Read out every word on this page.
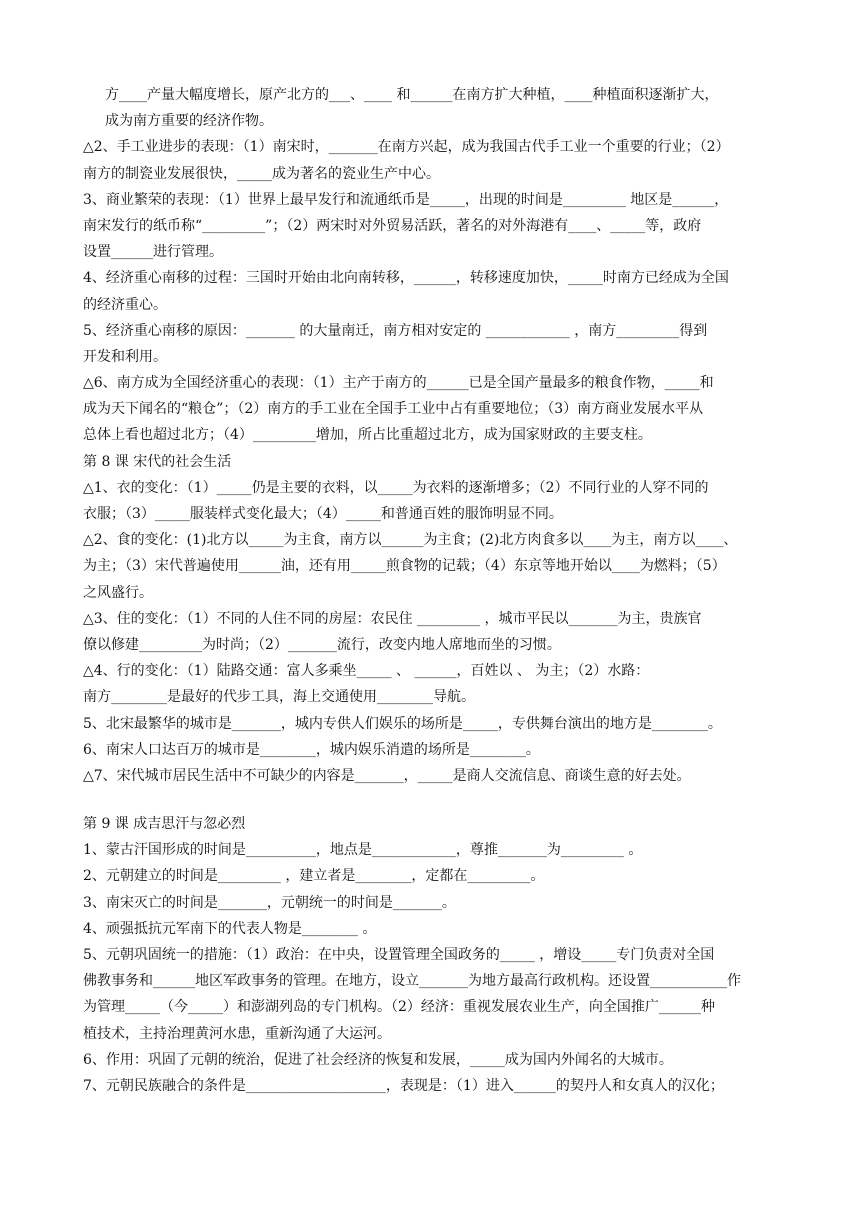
方____产量大幅度增长，原产北方的___、____ 和______在南方扩大种植，____种植面积逐渐扩大，
成为南方重要的经济作物。
△2、手工业进步的表现：（1）南宋时，_______在南方兴起，成为我国古代手工业一个重要的行业；（2）
南方的制瓷业发展很快，_____成为著名的瓷业生产中心。
3、商业繁荣的表现：（1）世界上最早发行和流通纸币是_____，出现的时间是_________ 地区是______，
南宋发行的纸币称“_________”；（2）两宋时对外贸易活跃，著名的对外海港有____、_____等，政府
设置______进行管理。
4、经济重心南移的过程：三国时开始由北向南转移，______，转移速度加快，_____时南方已经成为全国
的经济重心。
5、经济重心南移的原因：_______ 的大量南迁，南方相对安定的 ____________ ，南方_________得到
开发和利用。
△6、南方成为全国经济重心的表现：（1）主产于南方的______已是全国产量最多的粮食作物，_____和
成为天下闻名的“粮仓”；（2）南方的手工业在全国手工业中占有重要地位；（3）南方商业发展水平从
总体上看也超过北方；（4）_________增加，所占比重超过北方，成为国家财政的主要支柱。
第 8 课 宋代的社会生活
△1、衣的变化：（1）_____仍是主要的衣料，以_____为衣料的逐渐增多；（2）不同行业的人穿不同的
衣服；（3）_____服装样式变化最大；（4）_____和普通百姓的服饰明显不同。
△2、食的变化：(1)北方以_____为主食，南方以______为主食；(2)北方肉食多以____为主，南方以____、
为主；（3）宋代普遍使用______油，还有用_____煎食物的记载；（4）东京等地开始以____为燃料；（5）
之风盛行。
△3、住的变化：（1）不同的人住不同的房屋：农民住 _________ ，城市平民以_______为主，贵族官
僚以修建_________为时尚；（2）_______流行，改变内地人席地而坐的习惯。
△4、行的变化：（1）陆路交通：富人多乘坐_____ 、 ______，百姓以 、 为主；（2）水路：
南方________是最好的代步工具，海上交通使用________导航。
5、北宋最繁华的城市是_______，城内专供人们娱乐的场所是_____，专供舞台演出的地方是________。
6、南宋人口达百万的城市是________，城内娱乐消遣的场所是________。
△7、宋代城市居民生活中不可缺少的内容是_______，_____是商人交流信息、商谈生意的好去处。
第 9 课 成吉思汗与忽必烈
1、蒙古汗国形成的时间是__________，地点是____________，尊推_______为_________ 。
2、元朝建立的时间是_________ ，建立者是________，定都在_________。
3、南宋灭亡的时间是_______，元朝统一的时间是_______。
4、顽强抵抗元军南下的代表人物是________ 。
5、元朝巩固统一的措施：（1）政治：在中央，设置管理全国政务的_____ ，增设_____专门负责对全国
佛教事务和______地区军政事务的管理。在地方，设立_______为地方最高行政机构。还设置___________作
为管理_____（今_____）和澎湖列岛的专门机构。（2）经济：重视发展农业生产，向全国推广______种
植技术，主持治理黄河水患，重新沟通了大运河。
6、作用：巩固了元朝的统治，促进了社会经济的恢复和发展，_____成为国内外闻名的大城市。
7、元朝民族融合的条件是____________________，表现是：（1）进入______的契丹人和女真人的汉化；
